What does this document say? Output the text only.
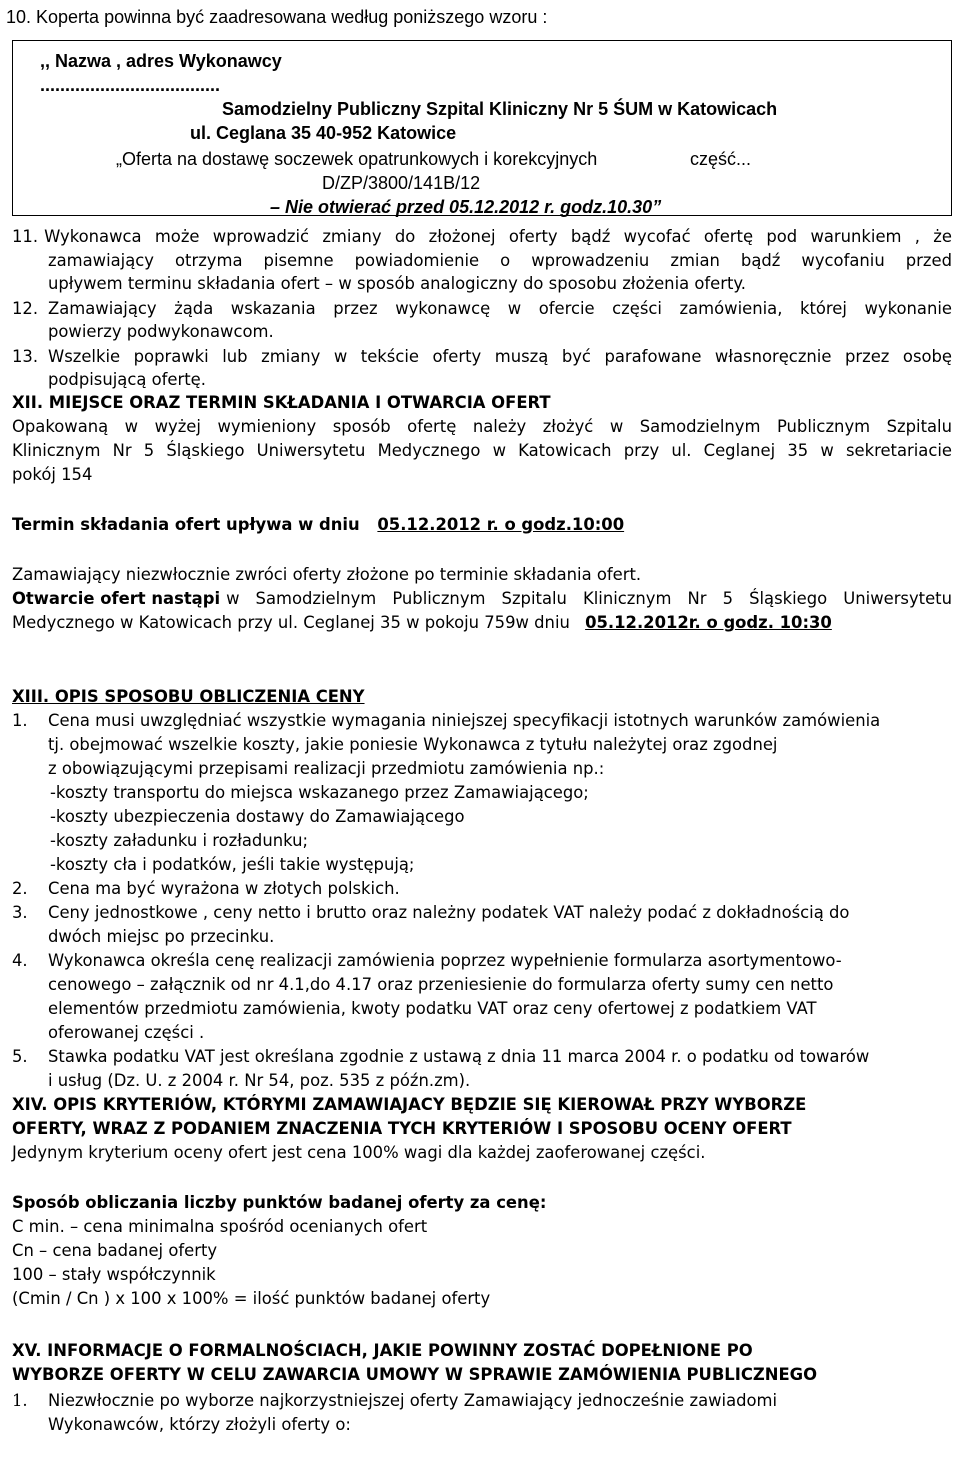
10. Koperta powinna być zaadresowana według poniższego wzoru :
,, Nazwa , adres Wykonawcy
....................................
Samodzielny Publiczny Szpital Kliniczny Nr 5 ŚUM w Katowicach
ul. Ceglana 35 40-952 Katowice
„Oferta na dostawę soczewek opatrunkowych i korekcyjnych	część...
D/ZP/3800/141B/12
– Nie otwierać przed 05.12.2012 r. godz.10.30”
11. Wykonawca może wprowadzić zmiany do złożonej oferty bądź wycofać ofertę pod warunkiem , że
zamawiający otrzyma pisemne powiadomienie o wprowadzeniu zmian bądź wycofaniu przed
upływem terminu składania ofert – w sposób analogiczny do sposobu złożenia oferty.
12. Zamawiający żąda wskazania przez wykonawcę w ofercie części zamówienia, której wykonanie
powierzy podwykonawcom.
13. Wszelkie poprawki lub zmiany w tekście oferty muszą być parafowane własnoręcznie przez osobę
podpisującą ofertę.
XII. MIEJSCE ORAZ TERMIN SKŁADANIA I OTWARCIA OFERT
Opakowaną w wyżej wymieniony sposób ofertę należy złożyć w Samodzielnym Publicznym Szpitalu
Klinicznym Nr 5 Śląskiego Uniwersytetu Medycznego w Katowicach przy ul. Ceglanej 35 w sekretariacie
pokój 154
Termin składania ofert upływa w dniu 05.12.2012 r. o godz.10:00
Zamawiający niezwłocznie zwróci oferty złożone po terminie składania ofert.
Otwarcie ofert nastąpi w Samodzielnym Publicznym Szpitalu Klinicznym Nr 5 Śląskiego Uniwersytetu
Medycznego w Katowicach przy ul. Ceglanej 35 w pokoju 759w dniu 05.12.2012r. o godz. 10:30
XIII. OPIS SPOSOBU OBLICZENIA CENY
1. Cena musi uwzględniać wszystkie wymagania niniejszej specyfikacji istotnych warunków zamówienia
tj. obejmować wszelkie koszty, jakie poniesie Wykonawca z tytułu należytej oraz zgodnej
z obowiązującymi przepisami realizacji przedmiotu zamówienia np.:
-koszty transportu do miejsca wskazanego przez Zamawiającego;
-koszty ubezpieczenia dostawy do Zamawiającego
-koszty załadunku i rozładunku;
-koszty cła i podatków, jeśli takie występują;
2. Cena ma być wyrażona w złotych polskich.
3. Ceny jednostkowe , ceny netto i brutto oraz należny podatek VAT należy podać z dokładnością do
dwóch miejsc po przecinku.
4. Wykonawca określa cenę realizacji zamówienia poprzez wypełnienie formularza asortymentowo-
cenowego – załącznik od nr 4.1,do 4.17 oraz przeniesienie do formularza oferty sumy cen netto
elementów przedmiotu zamówienia, kwoty podatku VAT oraz ceny ofertowej z podatkiem VAT
oferowanej części .
5. Stawka podatku VAT jest określana zgodnie z ustawą z dnia 11 marca 2004 r. o podatku od towarów
i usług (Dz. U. z 2004 r. Nr 54, poz. 535 z późn.zm).
XIV. OPIS KRYTERIÓW, KTÓRYMI ZAMAWIAJACY BĘDZIE SIĘ KIEROWAŁ PRZY WYBORZE
OFERTY, WRAZ Z PODANIEM ZNACZENIA TYCH KRYTERIÓW I SPOSOBU OCENY OFERT
Jedynym kryterium oceny ofert jest cena 100% wagi dla każdej zaoferowanej części.
Sposób obliczania liczby punktów badanej oferty za cenę:
C min. – cena minimalna spośród ocenianych ofert
Cn – cena badanej oferty
100 – stały współczynnik
(Cmin / Cn ) x 100 x 100% = ilość punktów badanej oferty
XV. INFORMACJE O FORMALNOŚCIACH, JAKIE POWINNY ZOSTAĆ DOPEŁNIONE PO
WYBORZE OFERTY W CELU ZAWARCIA UMOWY W SPRAWIE ZAMÓWIENIA PUBLICZNEGO
1. Niezwłocznie po wyborze najkorzystniejszej oferty Zamawiający jednocześnie zawiadomi
Wykonawców, którzy złożyli oferty o:
